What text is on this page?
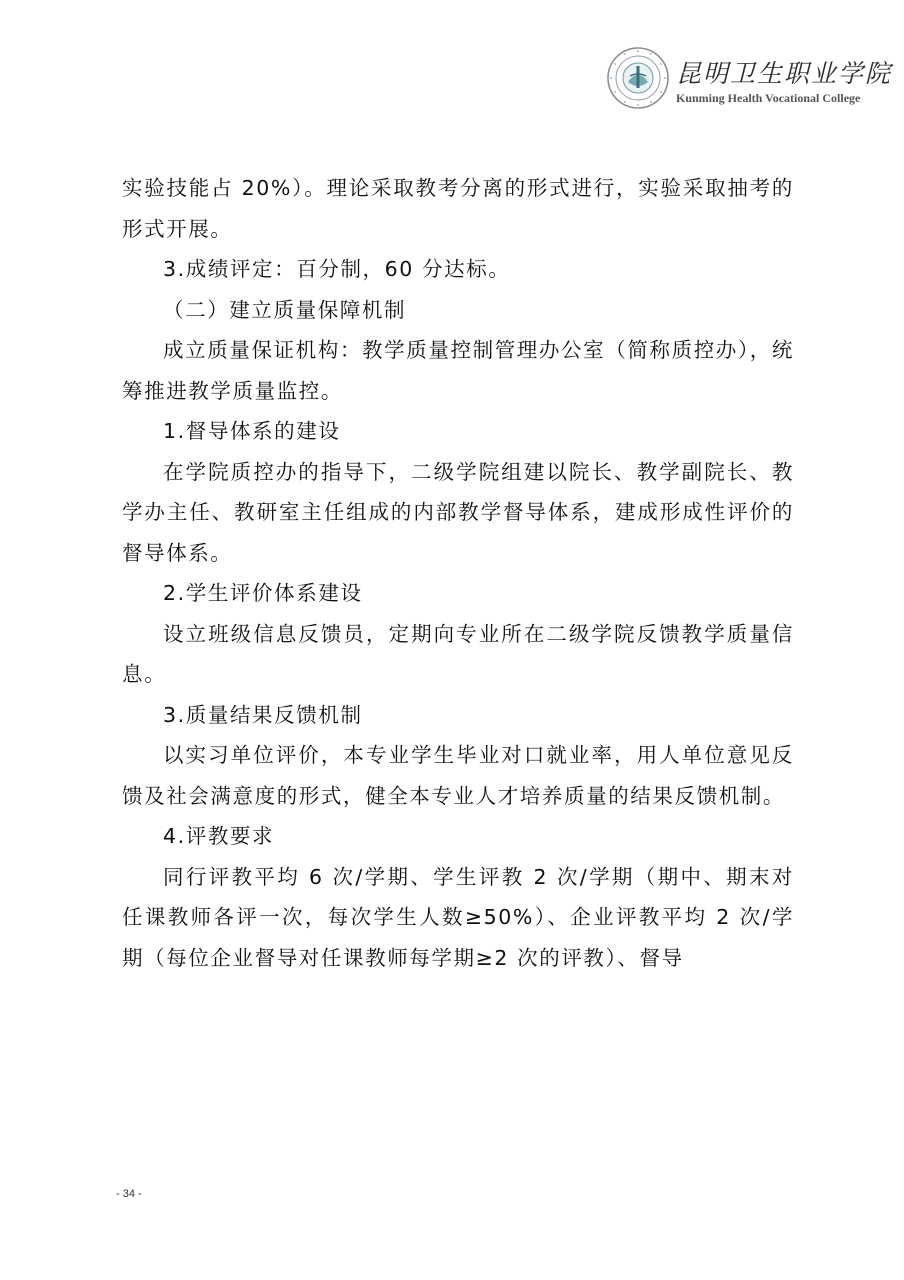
昆明卫生职业学院
Kunming Health Vocational College

实验技能占 20%）。理论采取教考分离的形式进行，实验采取抽考的形式开展。

3.成绩评定：百分制，60 分达标。

（二）建立质量保障机制

成立质量保证机构：教学质量控制管理办公室（简称质控办），统筹推进教学质量监控。

1.督导体系的建设

在学院质控办的指导下，二级学院组建以院长、教学副院长、教学办主任、教研室主任组成的内部教学督导体系，建成形成性评价的督导体系。

2.学生评价体系建设

设立班级信息反馈员，定期向专业所在二级学院反馈教学质量信息。

3.质量结果反馈机制

以实习单位评价，本专业学生毕业对口就业率，用人单位意见反馈及社会满意度的形式，健全本专业人才培养质量的结果反馈机制。

4.评教要求

同行评教平均 6 次/学期、学生评教 2 次/学期（期中、期末对任课教师各评一次，每次学生人数≥50%）、企业评教平均 2 次/学期（每位企业督导对任课教师每学期≥2 次的评教）、督导

- 34 -
